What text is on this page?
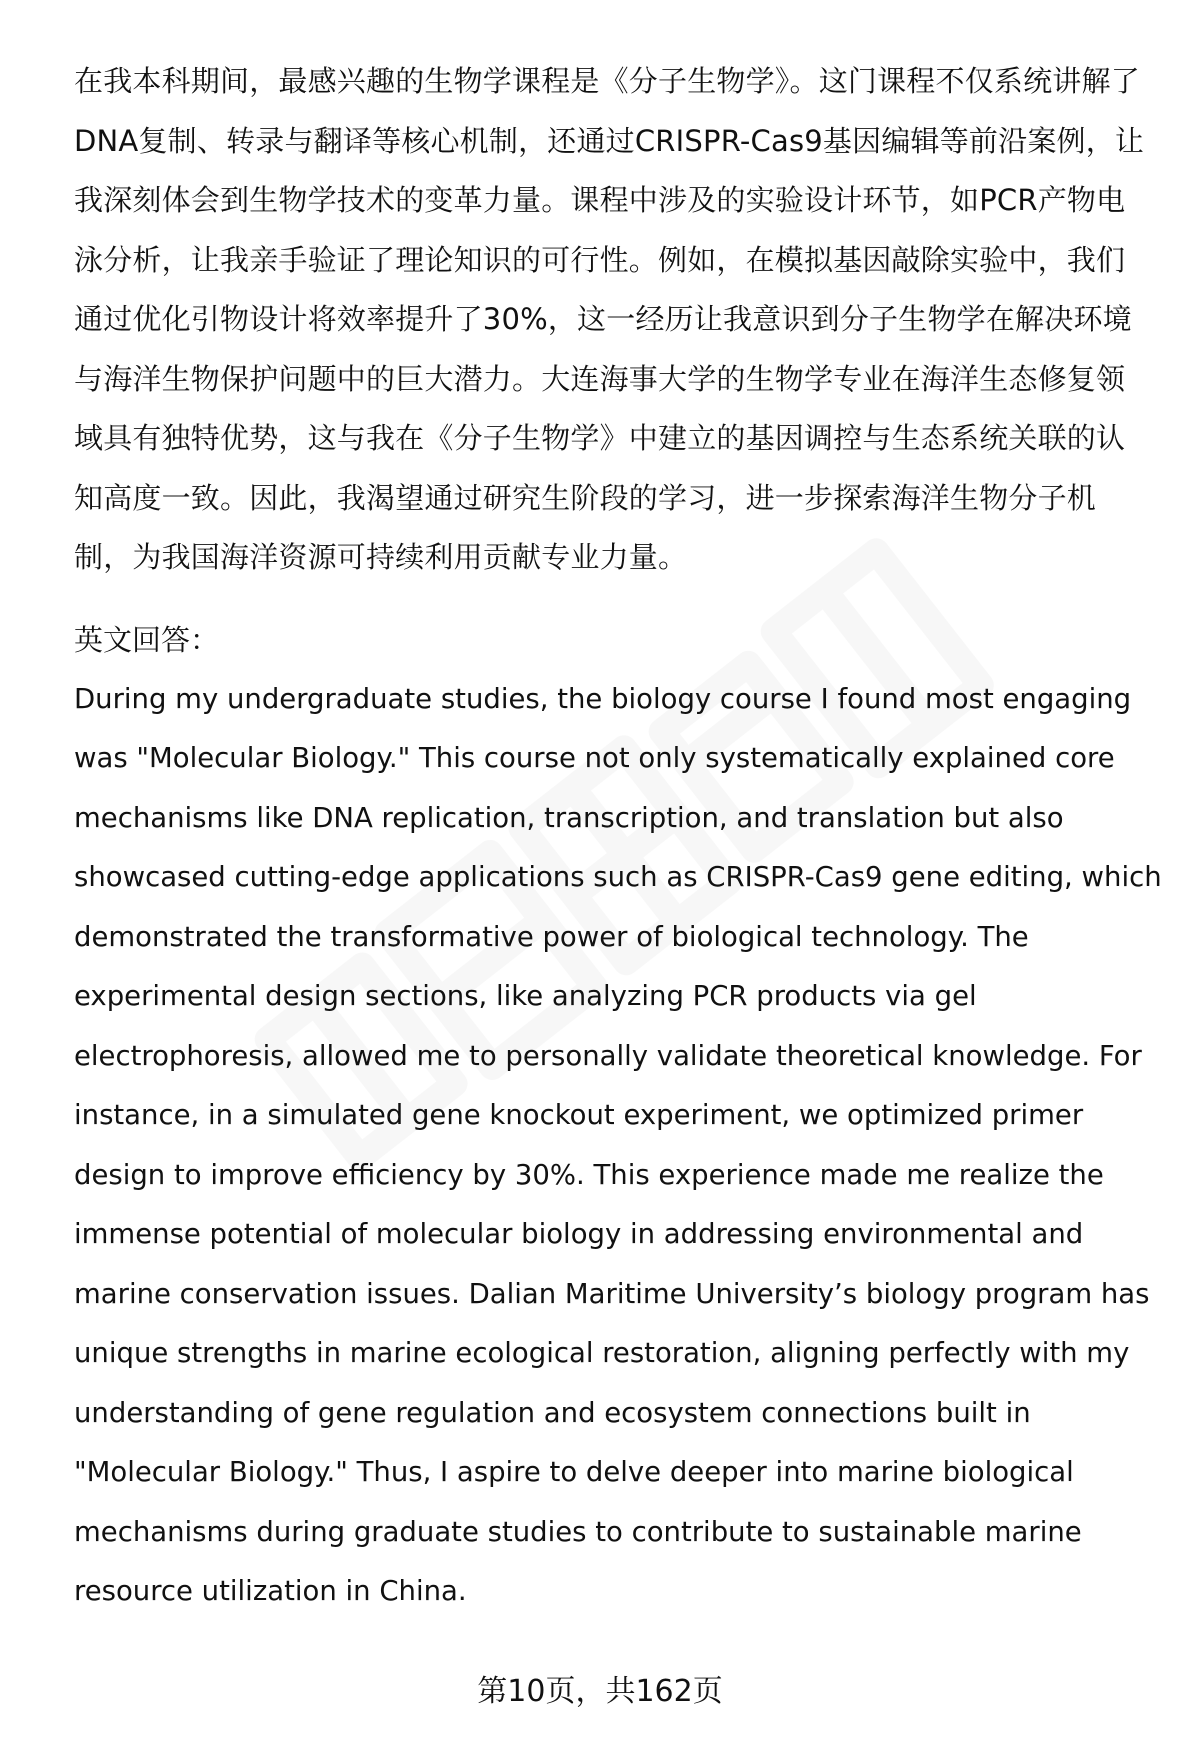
在我本科期间，最感兴趣的生物学课程是《分子生物学》。这门课程不仅系统讲解了DNA复制、转录与翻译等核心机制，还通过CRISPR-Cas9基因编辑等前沿案例，让我深刻体会到生物学技术的变革力量。课程中涉及的实验设计环节，如PCR产物电泳分析，让我亲手验证了理论知识的可行性。例如，在模拟基因敲除实验中，我们通过优化引物设计将效率提升了30%，这一经历让我意识到分子生物学在解决环境与海洋生物保护问题中的巨大潜力。大连海事大学的生物学专业在海洋生态修复领域具有独特优势，这与我在《分子生物学》中建立的基因调控与生态系统关联的认知高度一致。因此，我渴望通过研究生阶段的学习，进一步探索海洋生物分子机制，为我国海洋资源可持续利用贡献专业力量。

英文回答：

During my undergraduate studies, the biology course I found most engaging was "Molecular Biology." This course not only systematically explained core mechanisms like DNA replication, transcription, and translation but also showcased cutting-edge applications such as CRISPR-Cas9 gene editing, which demonstrated the transformative power of biological technology. The experimental design sections, like analyzing PCR products via gel electrophoresis, allowed me to personally validate theoretical knowledge. For instance, in a simulated gene knockout experiment, we optimized primer design to improve efficiency by 30%. This experience made me realize the immense potential of molecular biology in addressing environmental and marine conservation issues. Dalian Maritime University’s biology program has unique strengths in marine ecological restoration, aligning perfectly with my understanding of gene regulation and ecosystem connections built in "Molecular Biology." Thus, I aspire to delve deeper into marine biological mechanisms during graduate studies to contribute to sustainable marine resource utilization in China.

第10页，共162页
